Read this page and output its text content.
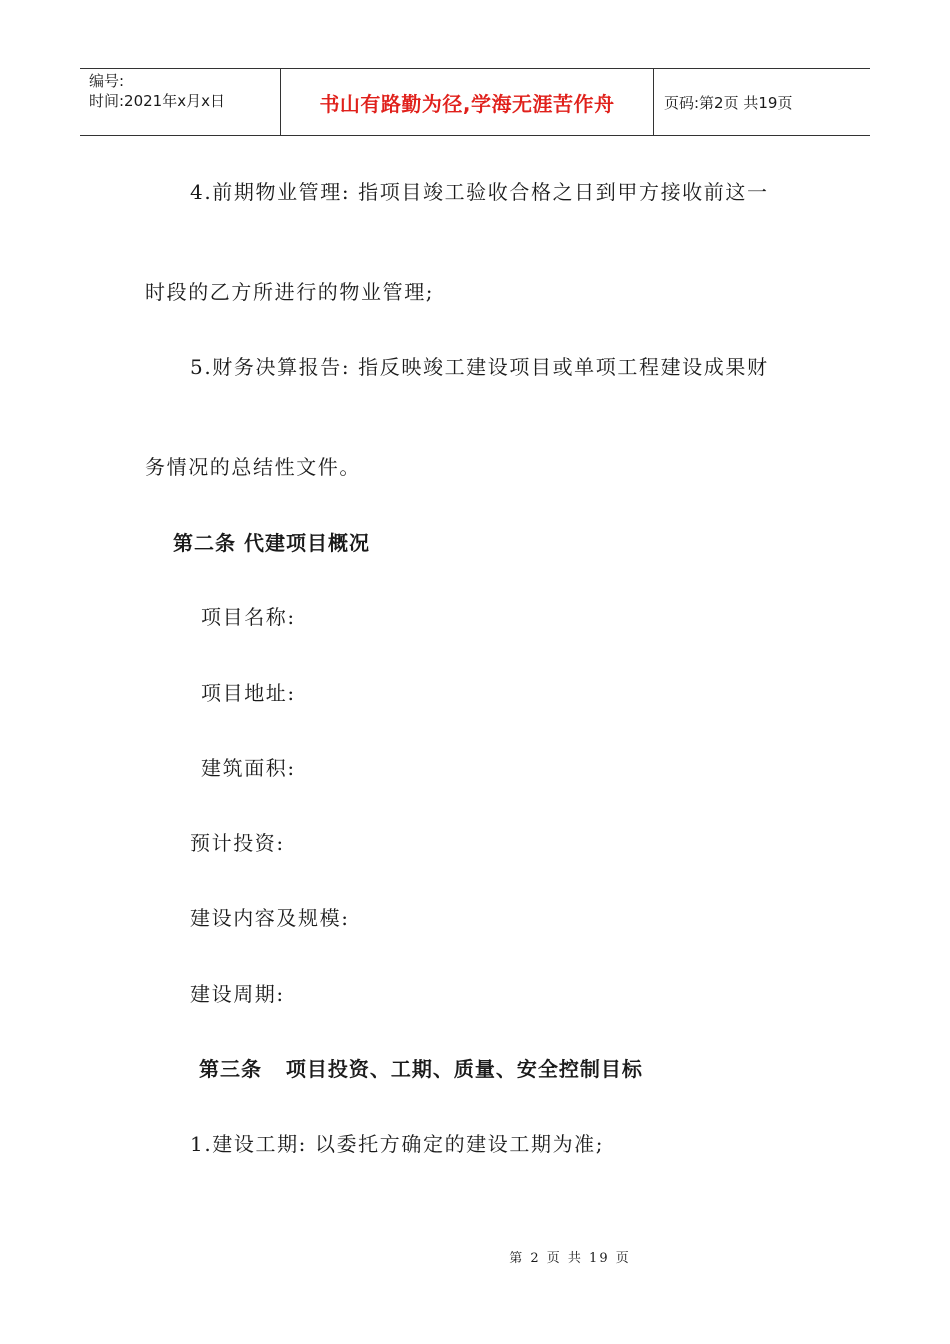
编号:
时间:2021年x月x日	书山有路勤为径,学海无涯苦作舟	页码:第2页 共19页
4.前期物业管理: 指项目竣工验收合格之日到甲方接收前这一
时段的乙方所进行的物业管理;
5.财务决算报告: 指反映竣工建设项目或单项工程建设成果财
务情况的总结性文件。
第二条 代建项目概况
项目名称:
项目地址:
建筑面积:
预计投资:
建设内容及规模:
建设周期:
第三条   项目投资、工期、质量、安全控制目标
1.建设工期: 以委托方确定的建设工期为准;
第 2 页 共 19 页
